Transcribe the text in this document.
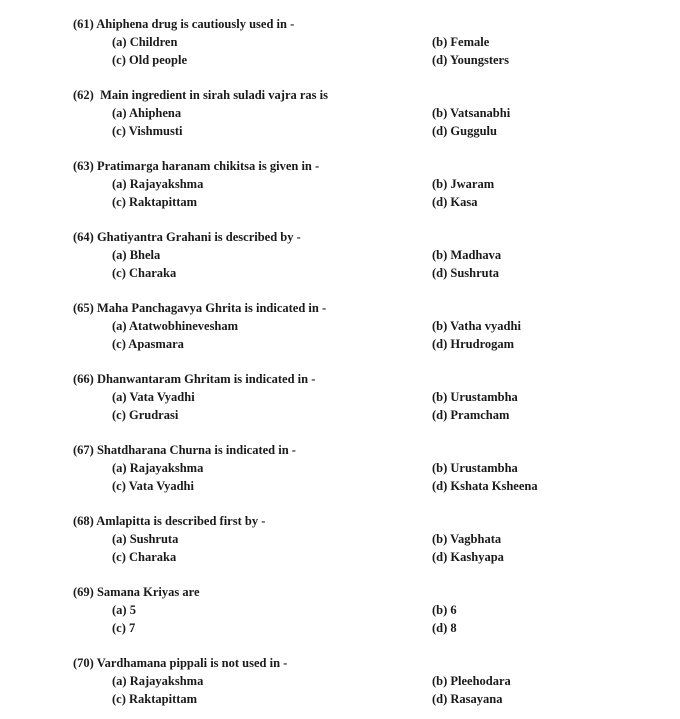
(61) Ahiphena drug is cautiously used in -
(a) Children	(b) Female
(c) Old people	(d) Youngsters
(62) Main ingredient in sirah suladi vajra ras is
(a) Ahiphena	(b) Vatsanabhi
(c) Vishmusti	(d) Guggulu
(63) Pratimarga haranam chikitsa is given in -
(a) Rajayakshma	(b) Jwaram
(c) Raktapittam	(d) Kasa
(64) Ghatiyantra Grahani is described by -
(a) Bhela	(b) Madhava
(c) Charaka	(d) Sushruta
(65) Maha Panchagavya Ghrita is indicated in -
(a) Atatwobhinevesham	(b) Vatha vyadhi
(c) Apasmara	(d) Hrudrogam
(66) Dhanwantaram Ghritam is indicated in -
(a) Vata Vyadhi	(b) Urustambha
(c) Grudrasi	(d) Pramcham
(67) Shatdharana Churna is indicated in -
(a) Rajayakshma	(b) Urustambha
(c) Vata Vyadhi	(d) Kshata Ksheena
(68) Amlapitta is described first by -
(a) Sushruta	(b) Vagbhata
(c) Charaka	(d) Kashyapa
(69) Samana Kriyas are
(a) 5	(b) 6
(c) 7	(d) 8
(70) Vardhamana pippali is not used in -
(a) Rajayakshma	(b) Pleehodara
(c) Raktapittam	(d) Rasayana
